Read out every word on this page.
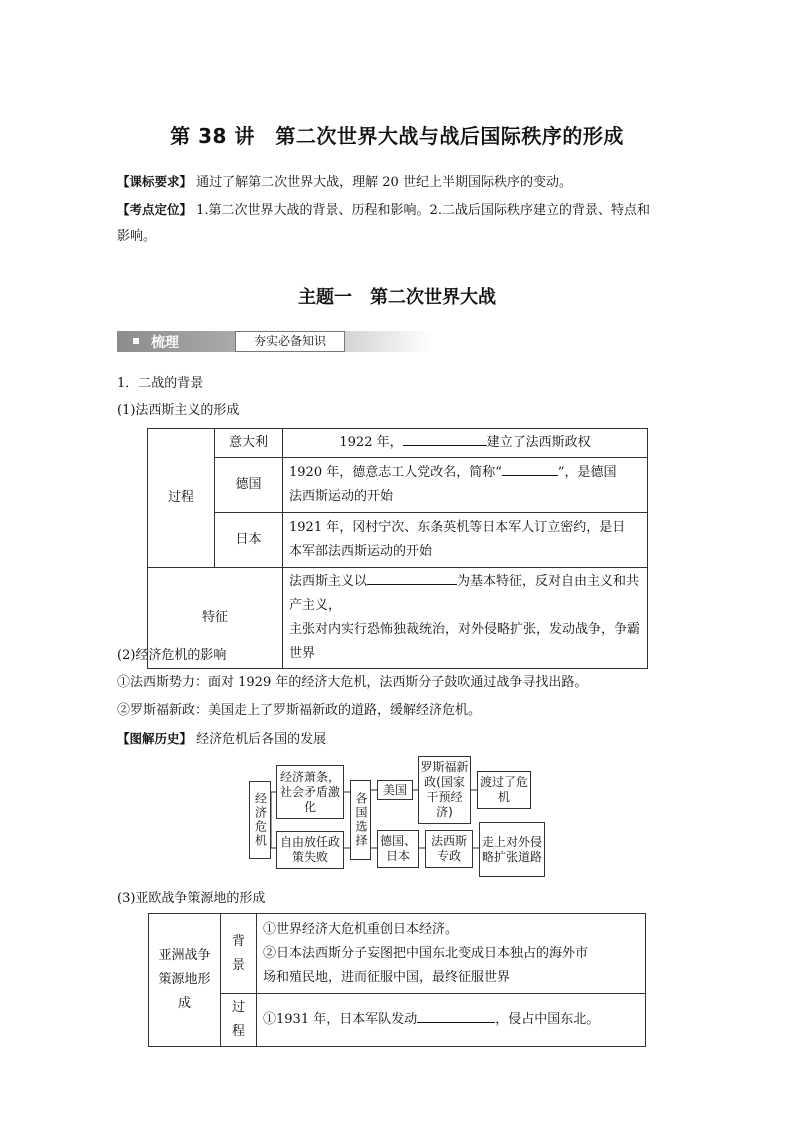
第 38 讲　第二次世界大战与战后国际秩序的形成
【课标要求】 通过了解第二次世界大战，理解 20 世纪上半期国际秩序的变动。
【考点定位】 1.第二次世界大战的背景、历程和影响。2.二战后国际秩序建立的背景、特点和
影响。
主题一　第二次世界大战
梳理	夯实必备知识
1．二战的背景
(1)法西斯主义的形成
过程	意大利	1922 年， 建立了法西斯政权
	德国	1920 年，德意志工人党改名，简称“ ”，是德国
法西斯运动的开始
	日本	1921 年，冈村宁次、东条英机等日本军人订立密约，是日
本军部法西斯运动的开始
特征		法西斯主义以 为基本特征，反对自由主义和共产主义，
主张对内实行恐怖独裁统治，对外侵略扩张，发动战争，争霸世界
(2)经济危机的影响
①法西斯势力：面对 1929 年的经济大危机，法西斯分子鼓吹通过战争寻找出路。
②罗斯福新政：美国走上了罗斯福新政的道路，缓解经济危机。
【图解历史】 经济危机后各国的发展
经济危机
经济萧条，社会矛盾激化
自由放任政策失败
各国选择
美国
罗斯福新政(国家干预经济)
渡过了危机
德国、日本
法西斯专政
走上对外侵略扩张道路
(3)亚欧战争策源地的形成
亚洲战争策源地形成	背景	①世界经济大危机重创日本经济。
②日本法西斯分子妄图把中国东北变成日本独占的海外市
场和殖民地，进而征服中国，最终征服世界
	过程	①1931 年，日本军队发动 ，侵占中国东北。
